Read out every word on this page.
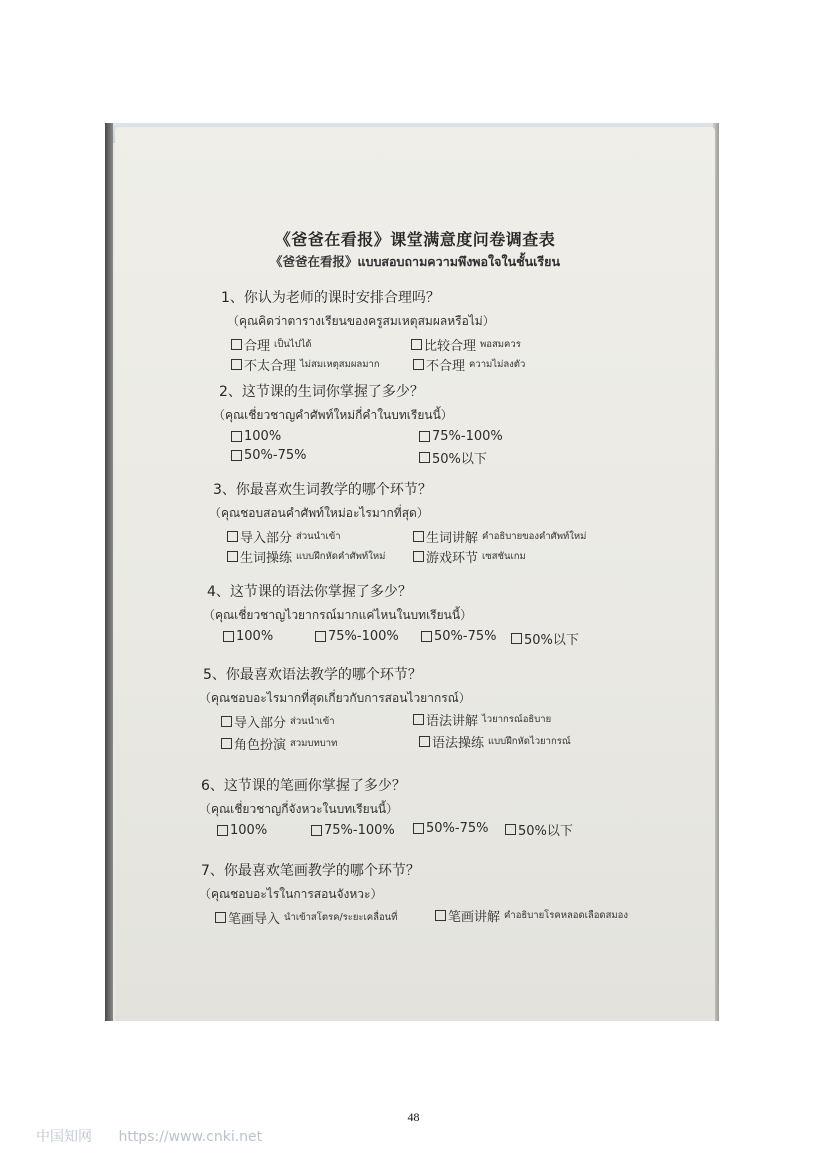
《爸爸在看报》课堂满意度问卷调查表
《爸爸在看报》แบบสอบถามความพึงพอใจในชั้นเรียน
1、你认为老师的课时安排合理吗？
（คุณคิดว่าตารางเรียนของครูสมเหตุสมผลหรือไม่）
合理 เป็นไปได้	比较合理 พอสมควร
不太合理 ไม่สมเหตุสมผลมาก	不合理 ความไม่ลงตัว
2、这节课的生词你掌握了多少？
（คุณเชี่ยวชาญคำศัพท์ใหม่กี่คำในบทเรียนนี้）
100%	75%-100%
50%-75%	50%以下
3、你最喜欢生词教学的哪个环节？
（คุณชอบสอนคำศัพท์ใหม่อะไรมากที่สุด）
导入部分 ส่วนนำเข้า	生词讲解 คำอธิบายของคำศัพท์ใหม่
生词操练 แบบฝึกหัดคำศัพท์ใหม่	游戏环节 เซสชันเกม
4、这节课的语法你掌握了多少？
（คุณเชี่ยวชาญไวยากรณ์มากแค่ไหนในบทเรียนนี้）
100%	75%-100%	50%-75% 50%以下
5、你最喜欢语法教学的哪个环节？
（คุณชอบอะไรมากที่สุดเกี่ยวกับการสอนไวยากรณ์）
导入部分 ส่วนนำเข้า	语法讲解 ไวยากรณ์อธิบาย
角色扮演 สวมบทบาท	语法操练 แบบฝึกหัดไวยากรณ์
6、这节课的笔画你掌握了多少？
（คุณเชี่ยวชาญกี่จังหวะในบทเรียนนี้）
100%	75%-100% 50%-75% 50%以下
7、你最喜欢笔画教学的哪个环节？
（คุณชอบอะไรในการสอนจังหวะ）
笔画导入 นำเข้าสโตรค/ระยะเคลื่อนที่	笔画讲解 คำอธิบายโรคหลอดเลือดสมอง
48
中国知网 https://www.cnki.net
